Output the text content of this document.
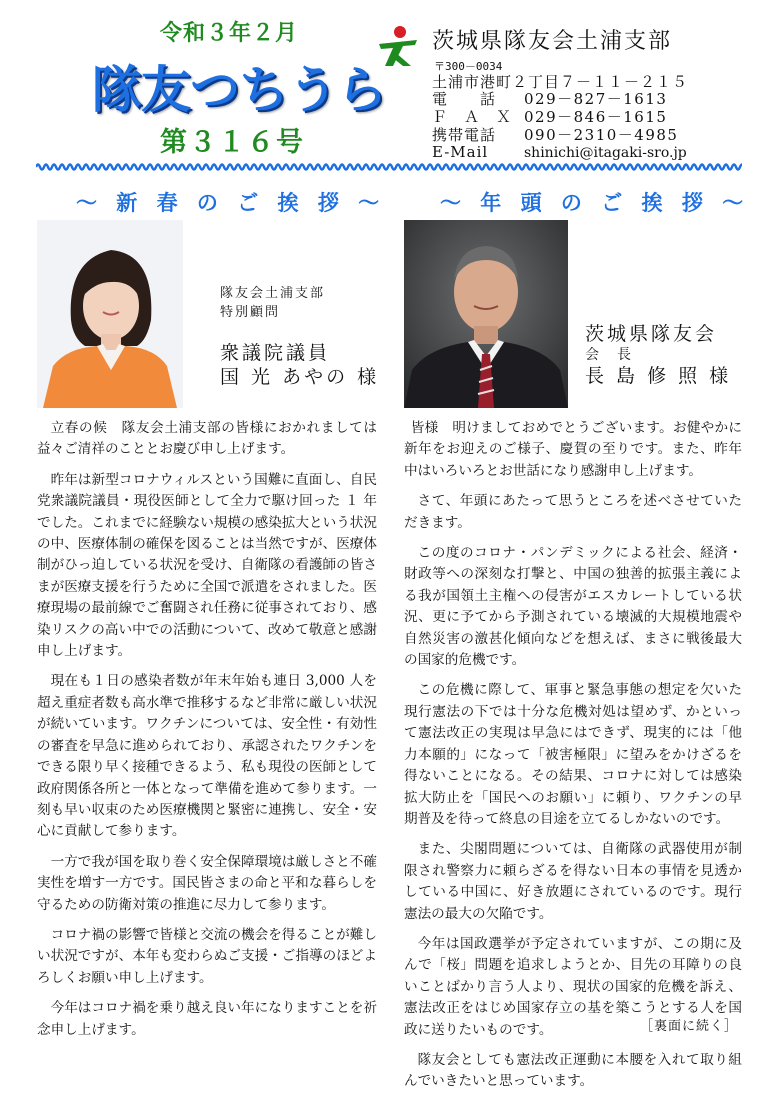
令和３年２月
隊友つちうら
第３１６号
茨城県隊友会土浦支部
〒300－0034
土浦市港町２丁目７－１１－２１５
電　　話 029－827－1613
Ｆ　Ａ　Ｘ 029－846－1615
携帯電話 090－2310－4985
E-Mail	shinichi@itagaki-sro.jp
～ 新 春 の ご 挨 拶 ～
隊友会土浦支部
特別顧問
衆議院議員
国 光 あやの 様

立春の候　隊友会土浦支部の皆様におかれましては益々ご清祥のこととお慶び申し上げます。

昨年は新型コロナウィルスという国難に直面し、自民党衆議院議員・現役医師として全力で駆け回った １ 年でした。これまでに経験ない規模の感染拡大という状況の中、医療体制の確保を図ることは当然ですが、医療体制がひっ迫している状況を受け、自衛隊の看護師の皆さまが医療支援を行うために全国で派遣をされました。医療現場の最前線でご奮闘され任務に従事されており、感染リスクの高い中での活動について、改めて敬意と感謝申し上げます。

現在も１日の感染者数が年末年始も連日 3,000 人を超え重症者数も高水準で推移するなど非常に厳しい状況が続いています。ワクチンについては、安全性・有効性の審査を早急に進められており、承認されたワクチンをできる限り早く接種できるよう、私も現役の医師として政府関係各所と一体となって準備を進めて参ります。一刻も早い収束のため医療機関と緊密に連携し、安全・安心に貢献して参ります。

一方で我が国を取り巻く安全保障環境は厳しさと不確実性を増す一方です。国民皆さまの命と平和な暮らしを守るための防衛対策の推進に尽力して参ります。

コロナ禍の影響で皆様と交流の機会を得ることが難しい状況ですが、本年も変わらぬご支援・ご指導のほどよろしくお願い申し上げます。

今年はコロナ禍を乗り越え良い年になりますことを祈念申し上げます。

～ 年 頭 の ご 挨 拶 ～
茨城県隊友会
会　長
長 島 修 照 様

皆様　明けましておめでとうございます。お健やかに新年をお迎えのご様子、慶賀の至りです。また、昨年中はいろいろとお世話になり感謝申し上げます。

さて、年頭にあたって思うところを述べさせていただきます。

この度のコロナ・パンデミックによる社会、経済・財政等への深刻な打撃と、中国の独善的拡張主義による我が国領土主権への侵害がエスカレートしている状況、更に予てから予測されている壊滅的大規模地震や自然災害の激甚化傾向などを想えば、まさに戦後最大の国家的危機です。

この危機に際して、軍事と緊急事態の想定を欠いた現行憲法の下では十分な危機対処は望めず、かといって憲法改正の実現は早急にはできず、現実的には「他力本願的」になって「被害極限」に望みをかけざるを得ないことになる。その結果、コロナに対しては感染拡大防止を「国民へのお願い」に頼り、ワクチンの早期普及を待って終息の目途を立てるしかないのです。

また、尖閣問題については、自衛隊の武器使用が制限され警察力に頼らざるを得ない日本の事情を見透かしている中国に、好き放題にされているのです。現行憲法の最大の欠陥です。

今年は国政選挙が予定されていますが、この期に及んで「桜」問題を追求しようとか、目先の耳障りの良いことばかり言う人より、現状の国家的危機を訴え、憲法改正をはじめ国家存立の基を築こうとする人を国政に送りたいものです。

隊友会としても憲法改正運動に本腰を入れて取り組んでいきたいと思っています。

［裏面に続く］
